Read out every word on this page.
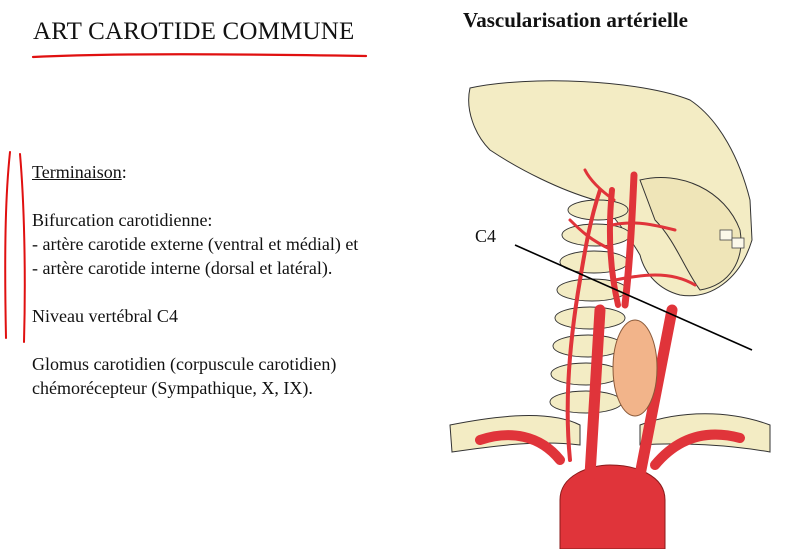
ART CAROTIDE COMMUNE	Vascularisation artérielle

Terminaison:

Bifurcation carotidienne:

- artère carotide externe (ventral et médial) et

- artère carotide interne (dorsal et latéral).

Niveau vertébral C4

Glomus carotidien (corpuscule carotidien)

chémorécepteur (Sympathique, X, IX).

C4
